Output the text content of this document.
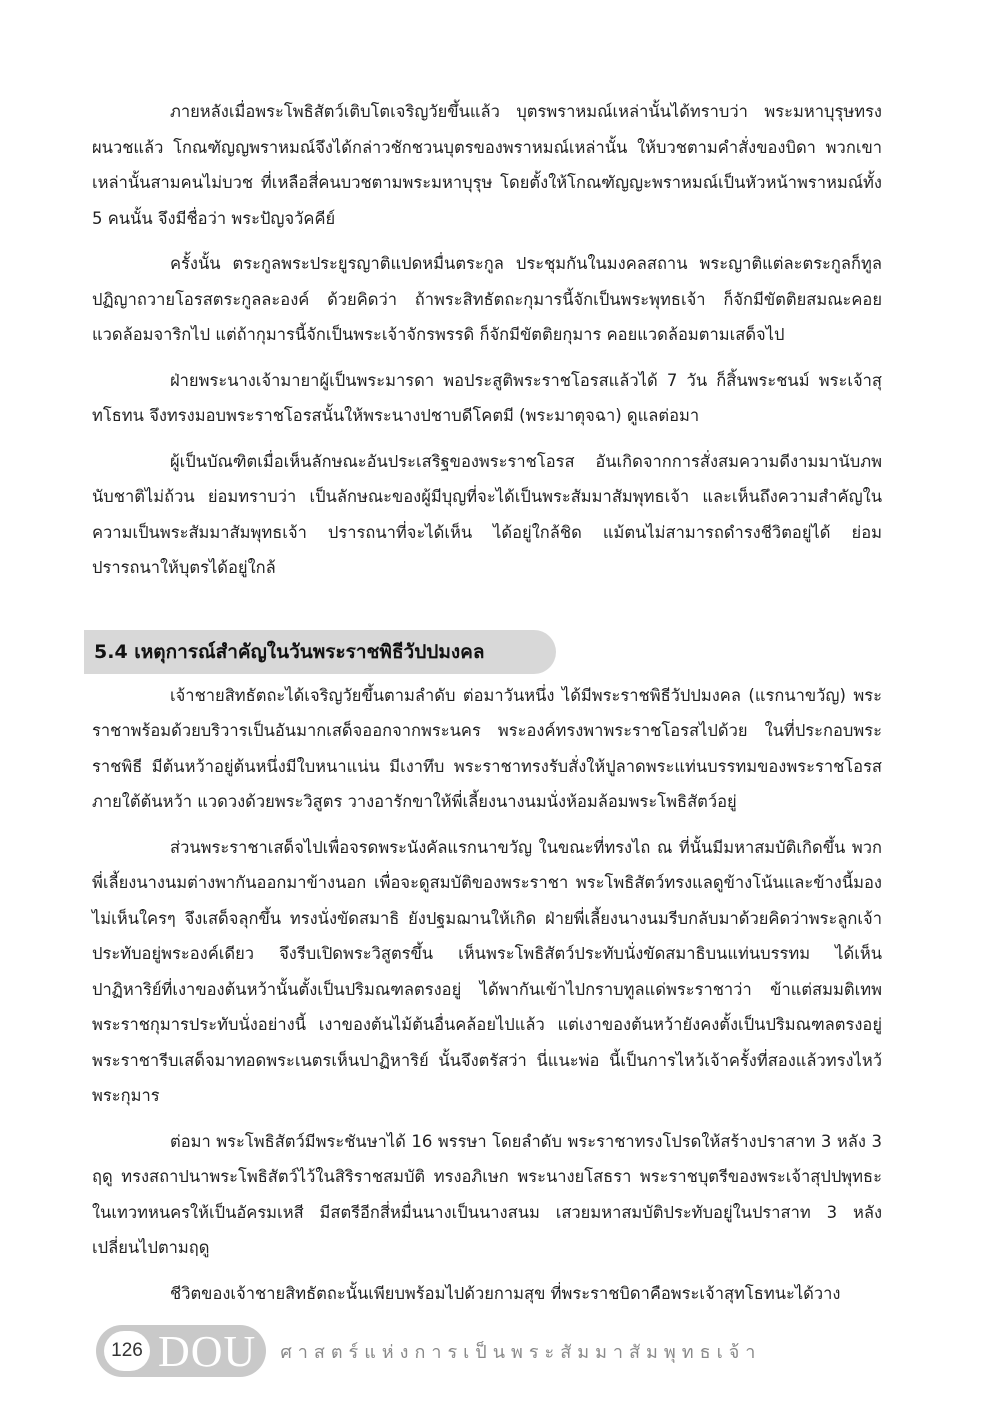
ภายหลังเมื่อพระโพธิสัตว์เติบโตเจริญวัยขึ้นแล้ว บุตรพราหมณ์เหล่านั้นได้ทราบว่า พระมหาบุรุษทรงผนวชแล้ว โกณฑัญญพราหมณ์จึงได้กล่าวชักชวนบุตรของพราหมณ์เหล่านั้น ให้บวชตามคำสั่งของบิดา พวกเขาเหล่านั้นสามคนไม่บวช ที่เหลือสี่คนบวชตามพระมหาบุรุษ โดยตั้งให้โกณฑัญญะพราหมณ์เป็นหัวหน้าพราหมณ์ทั้ง 5 คนนั้น จึงมีชื่อว่า พระปัญจวัคคีย์

ครั้งนั้น ตระกูลพระประยูรญาติแปดหมื่นตระกูล ประชุมกันในมงคลสถาน พระญาติแต่ละตระกูลก็ทูลปฏิญาถวายโอรสตระกูลละองค์ ด้วยคิดว่า ถ้าพระสิทธัตถะกุมารนี้จักเป็นพระพุทธเจ้า ก็จักมีขัตติยสมณะคอยแวดล้อมจาริกไป แต่ถ้ากุมารนี้จักเป็นพระเจ้าจักรพรรดิ ก็จักมีขัตติยกุมาร คอยแวดล้อมตามเสด็จไป

ฝ่ายพระนางเจ้ามายาผู้เป็นพระมารดา พอประสูติพระราชโอรสแล้วได้ 7 วัน ก็สิ้นพระชนม์ พระเจ้าสุทโธทน จึงทรงมอบพระราชโอรสนั้นให้พระนางปชาบดีโคตมี (พระมาตุจฉา) ดูแลต่อมา

ผู้เป็นบัณฑิตเมื่อเห็นลักษณะอันประเสริฐของพระราชโอรส อันเกิดจากการสั่งสมความดีงามมานับภพนับชาติไม่ถ้วน ย่อมทราบว่า เป็นลักษณะของผู้มีบุญที่จะได้เป็นพระสัมมาสัมพุทธเจ้า และเห็นถึงความสำคัญในความเป็นพระสัมมาสัมพุทธเจ้า ปรารถนาที่จะได้เห็น ได้อยู่ใกล้ชิด แม้ตนไม่สามารถดำรงชีวิตอยู่ได้ ย่อมปรารถนาให้บุตรได้อยู่ใกล้

5.4 เหตุการณ์สำคัญในวันพระราชพิธีวัปปมงคล

เจ้าชายสิทธัตถะได้เจริญวัยขึ้นตามลำดับ ต่อมาวันหนึ่ง ได้มีพระราชพิธีวัปปมงคล (แรกนาขวัญ) พระราชาพร้อมด้วยบริวารเป็นอันมากเสด็จออกจากพระนคร พระองค์ทรงพาพระราชโอรสไปด้วย ในที่ประกอบพระราชพิธี มีต้นหว้าอยู่ต้นหนึ่งมีใบหนาแน่น มีเงาทึบ พระราชาทรงรับสั่งให้ปูลาดพระแท่นบรรทมของพระราชโอรส ภายใต้ต้นหว้า แวดวงด้วยพระวิสูตร วางอารักขาให้พี่เลี้ยงนางนมนั่งห้อมล้อมพระโพธิสัตว์อยู่

ส่วนพระราชาเสด็จไปเพื่อจรดพระนังคัลแรกนาขวัญ ในขณะที่ทรงไถ ณ ที่นั้นมีมหาสมบัติเกิดขึ้น พวกพี่เลี้ยงนางนมต่างพากันออกมาข้างนอก เพื่อจะดูสมบัติของพระราชา พระโพธิสัตว์ทรงแลดูข้างโน้นและข้างนี้มองไม่เห็นใครๆ จึงเสด็จลุกขึ้น ทรงนั่งขัดสมาธิ ยังปฐมฌานให้เกิด ฝ่ายพี่เลี้ยงนางนมรีบกลับมาด้วยคิดว่าพระลูกเจ้าประทับอยู่พระองค์เดียว จึงรีบเปิดพระวิสูตรขึ้น เห็นพระโพธิสัตว์ประทับนั่งขัดสมาธิบนแท่นบรรทม ได้เห็นปาฏิหาริย์ที่เงาของต้นหว้านั้นตั้งเป็นปริมณฑลตรงอยู่ ได้พากันเข้าไปกราบทูลแด่พระราชาว่า ข้าแต่สมมติเทพ พระราชกุมารประทับนั่งอย่างนี้ เงาของต้นไม้ต้นอื่นคล้อยไปแล้ว แต่เงาของต้นหว้ายังคงตั้งเป็นปริมณฑลตรงอยู่ พระราชารีบเสด็จมาทอดพระเนตรเห็นปาฏิหาริย์ นั้นจึงตรัสว่า นี่แนะพ่อ นี้เป็นการไหว้เจ้าครั้งที่สองแล้วทรงไหว้พระกุมาร

ต่อมา พระโพธิสัตว์มีพระชันษาได้ 16 พรรษา โดยลำดับ พระราชาทรงโปรดให้สร้างปราสาท 3 หลัง 3 ฤดู ทรงสถาปนาพระโพธิสัตว์ไว้ในสิริราชสมบัติ ทรงอภิเษก พระนางยโสธรา พระราชบุตรีของพระเจ้าสุปปพุทธะ ในเทวทหนครให้เป็นอัครมเหสี มีสตรีอีกสี่หมื่นนางเป็นนางสนม เสวยมหาสมบัติประทับอยู่ในปราสาท 3 หลัง เปลี่ยนไปตามฤดู

ชีวิตของเจ้าชายสิทธัตถะนั้นเพียบพร้อมไปด้วยกามสุข ที่พระราชบิดาคือพระเจ้าสุทโธทนะได้วาง

126 DOU ศาสตร์แห่งการเป็นพระสัมมาสัมพุทธเจ้า
